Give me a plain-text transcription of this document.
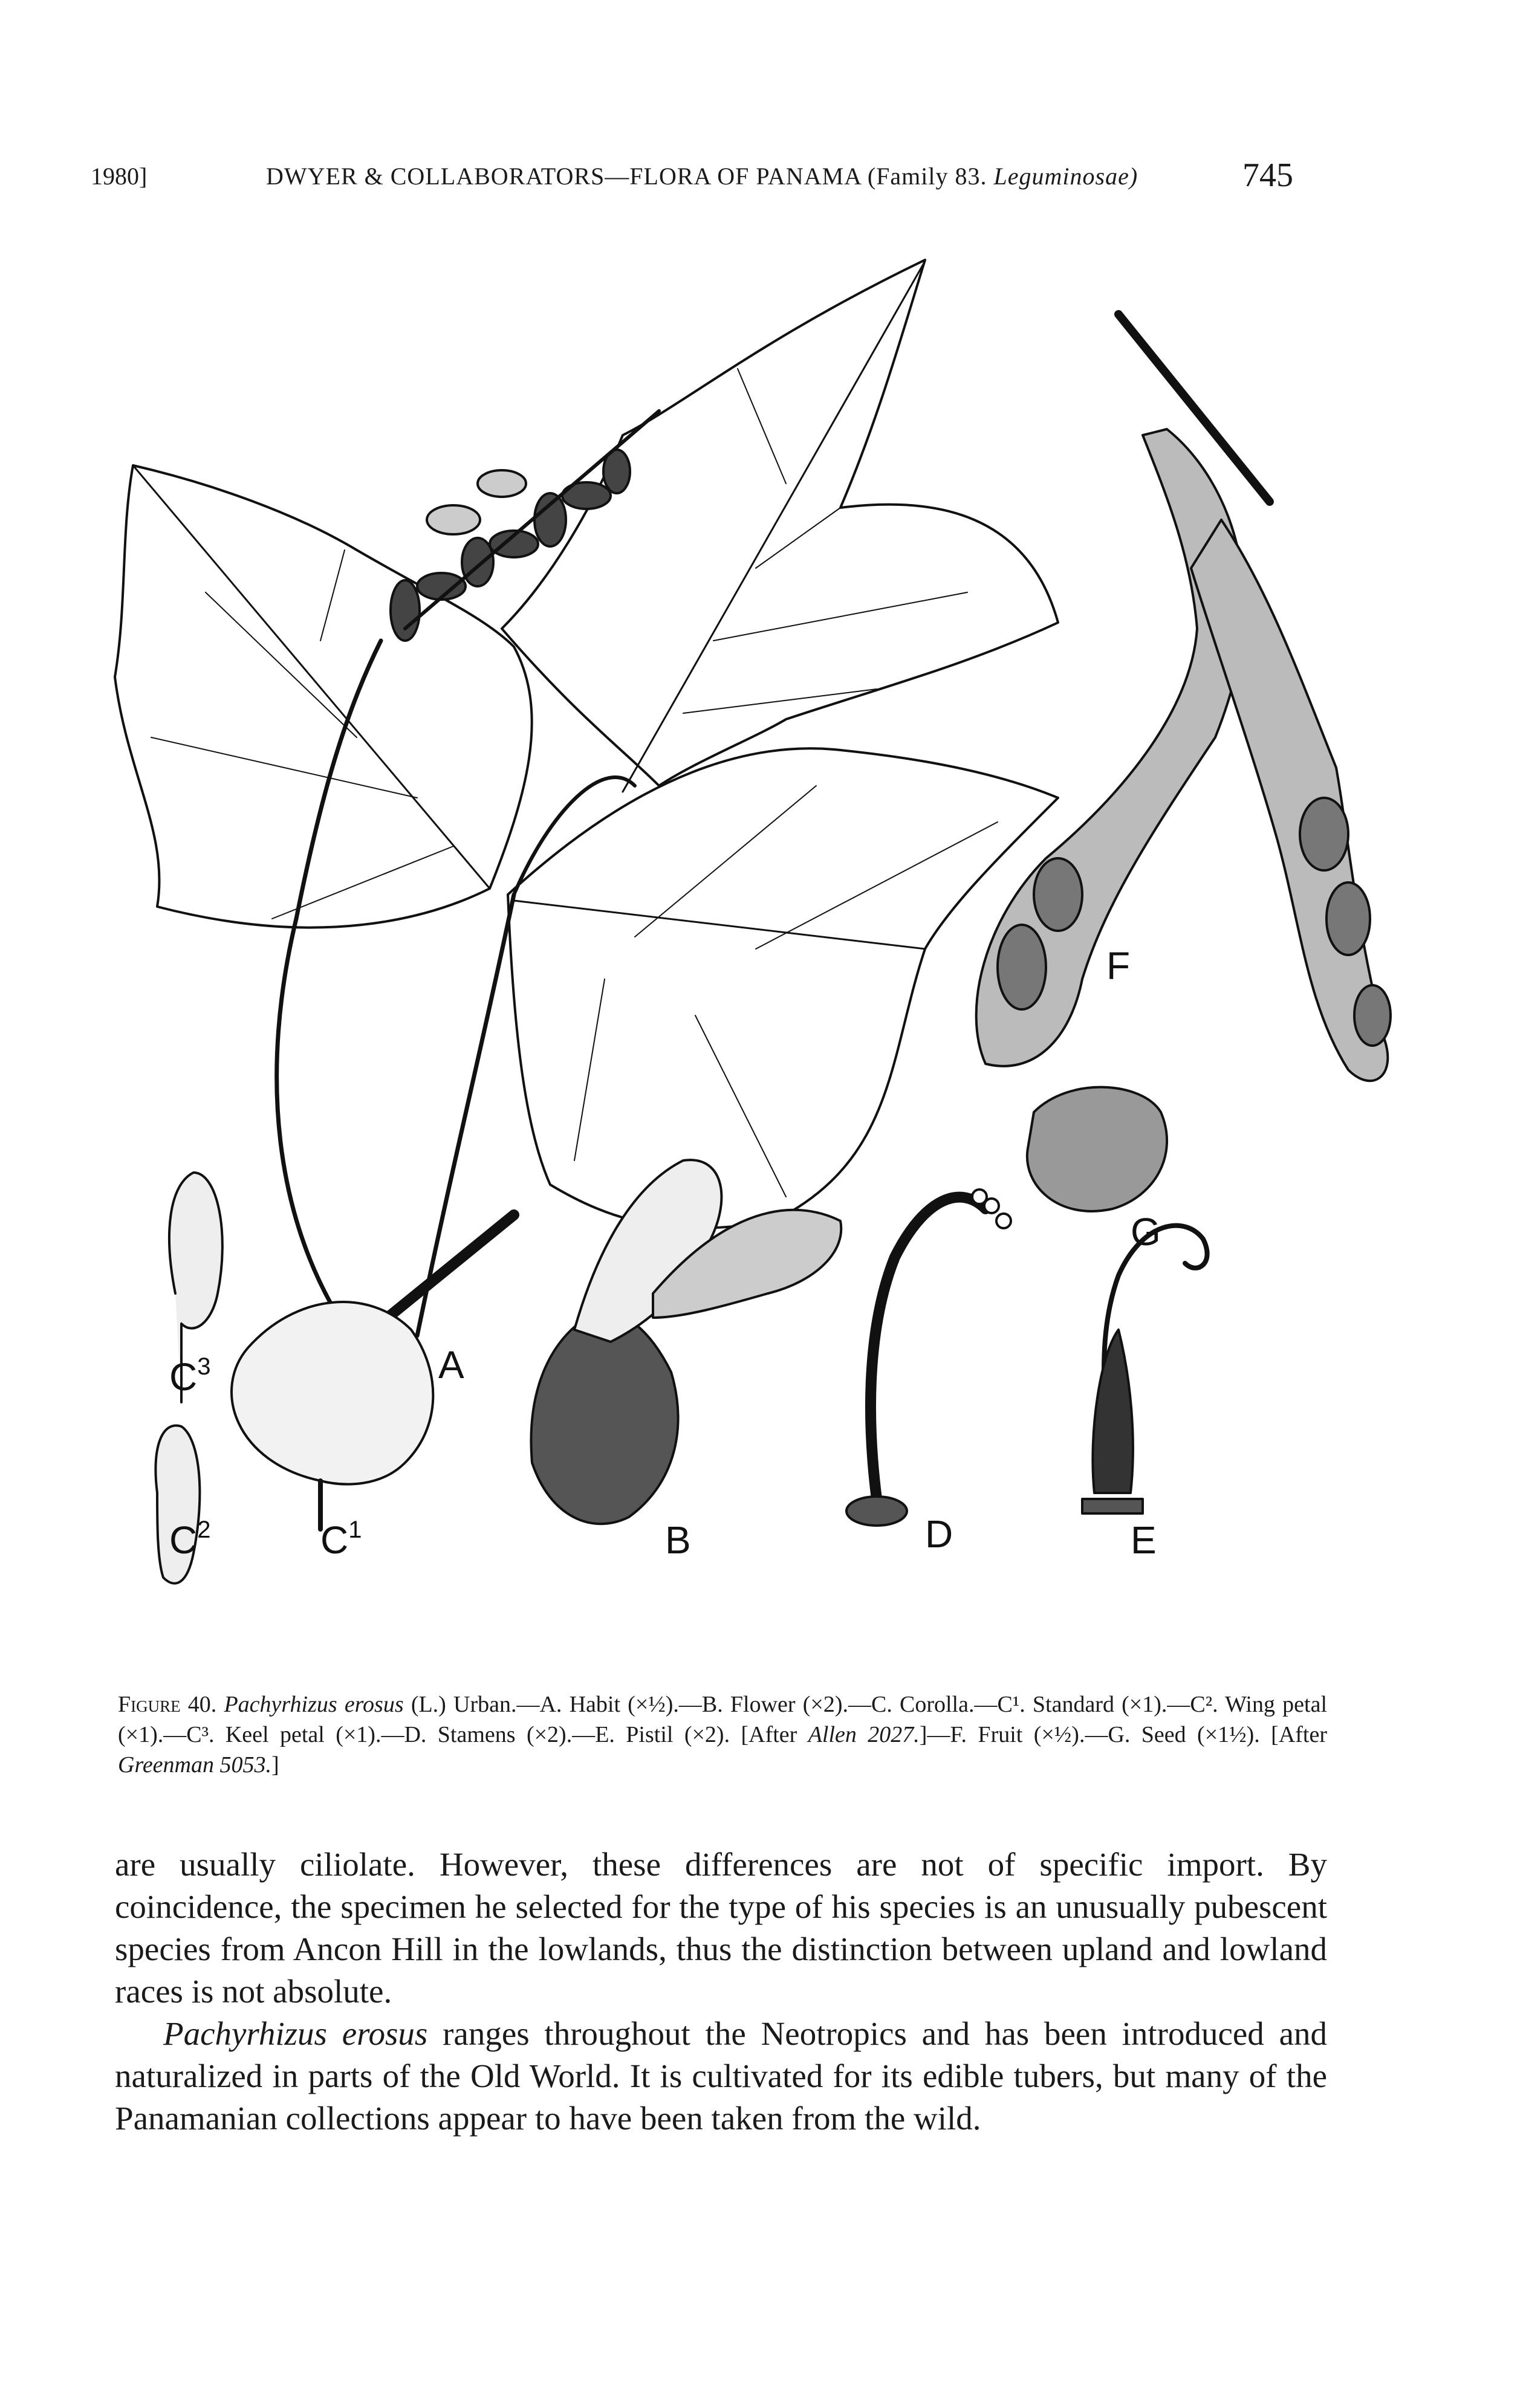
1980]	DWYER & COLLABORATORS—FLORA OF PANAMA (Family 83. Leguminosae)	745
A
B
$C^1$
$C^2$
$C^3$
D	E
F
G
Figure 40. Pachyrhizus erosus (L.) Urban.—A. Habit (×½).—B. Flower (×2).—C. Corolla.—C¹. Standard (×1).—C². Wing petal (×1).—C³. Keel petal (×1).—D. Stamens (×2).—E. Pistil (×2). [After Allen 2027.]—F. Fruit (×½).—G. Seed (×1½). [After Greenman 5053.]

are usually ciliolate. However, these differences are not of specific import. By coincidence, the specimen he selected for the type of his species is an unusually pubescent species from Ancon Hill in the lowlands, thus the distinction between upland and lowland races is not absolute.

Pachyrhizus erosus ranges throughout the Neotropics and has been introduced and naturalized in parts of the Old World. It is cultivated for its edible tubers, but many of the Panamanian collections appear to have been taken from the wild.
